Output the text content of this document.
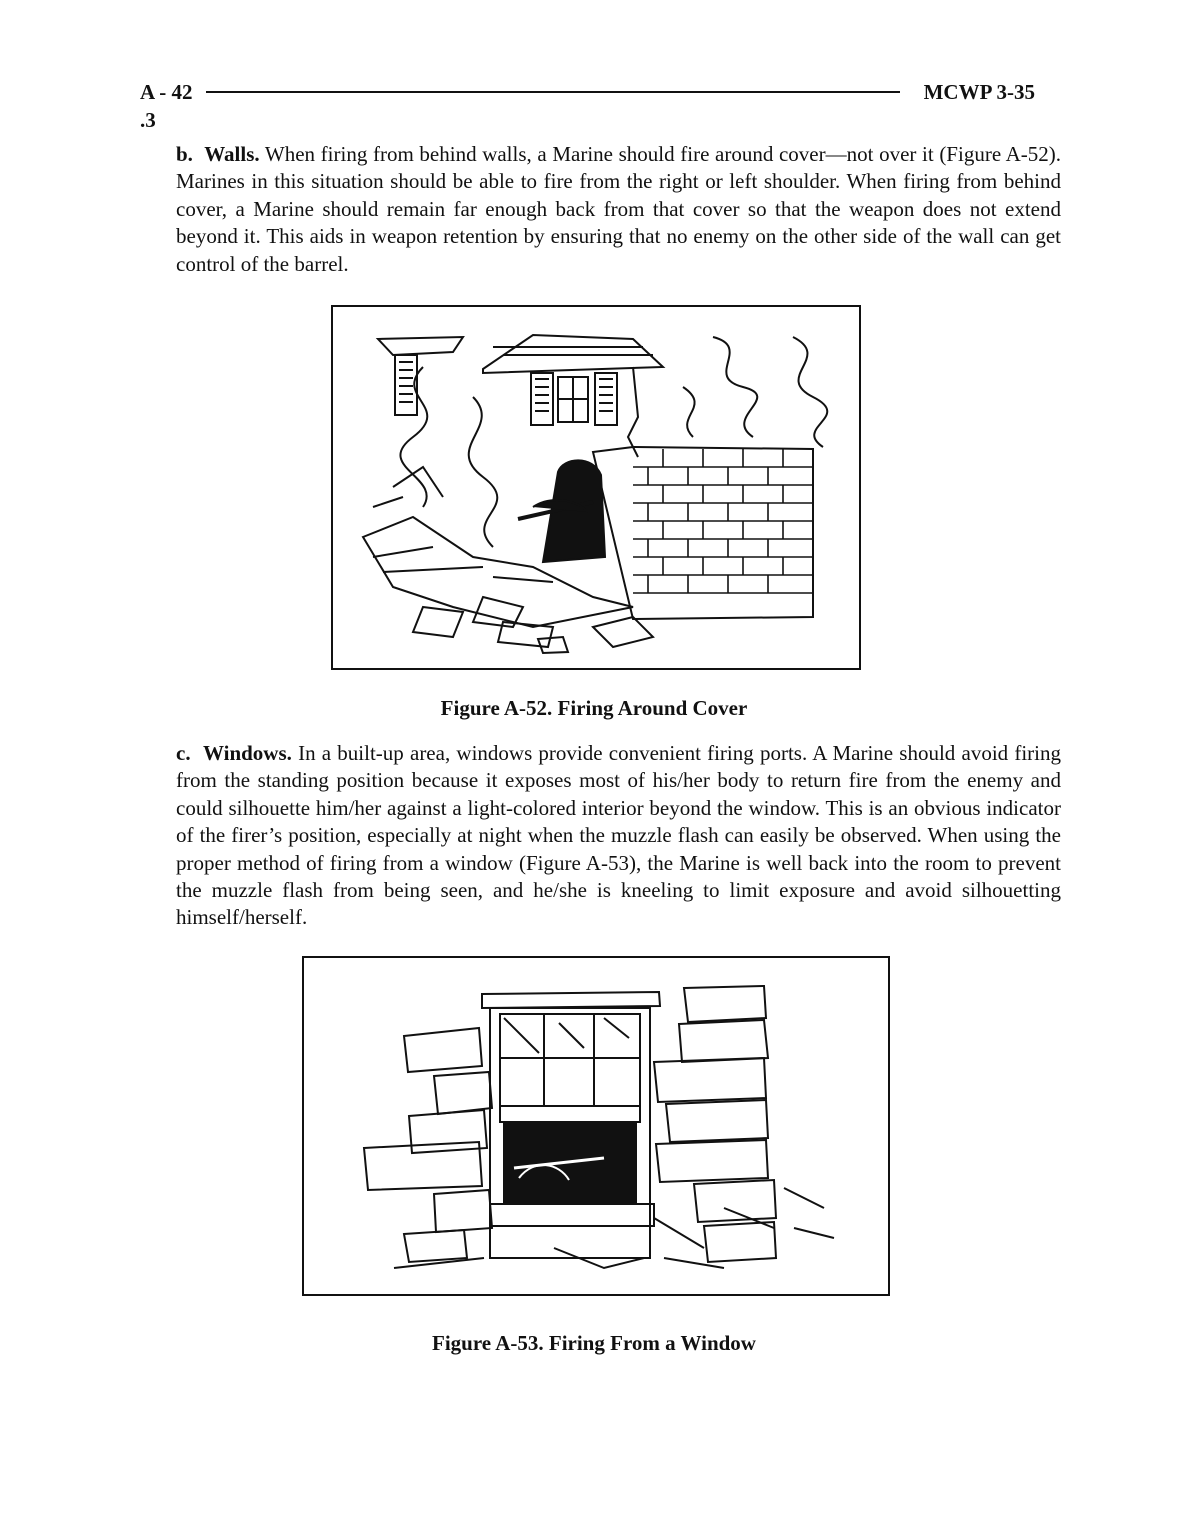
A - 42	MCWP 3-35
.3

b. Walls. When firing from behind walls, a Marine should fire around cover—not over it (Figure A-52). Marines in this situation should be able to fire from the right or left shoulder. When firing from behind cover, a Marine should remain far enough back from that cover so that the weapon does not extend beyond it. This aids in weapon retention by ensuring that no enemy on the other side of the wall can get control of the barrel.

Figure A-52. Firing Around Cover

c. Windows. In a built-up area, windows provide convenient firing ports. A Marine should avoid firing from the standing position because it exposes most of his/her body to return fire from the enemy and could silhouette him/her against a light-colored interior beyond the window. This is an obvious indicator of the firer’s position, especially at night when the muzzle flash can easily be observed. When using the proper method of firing from a window (Figure A-53), the Marine is well back into the room to prevent the muzzle flash from being seen, and he/she is kneeling to limit exposure and avoid silhouetting himself/herself.

Figure A-53. Firing From a Window
